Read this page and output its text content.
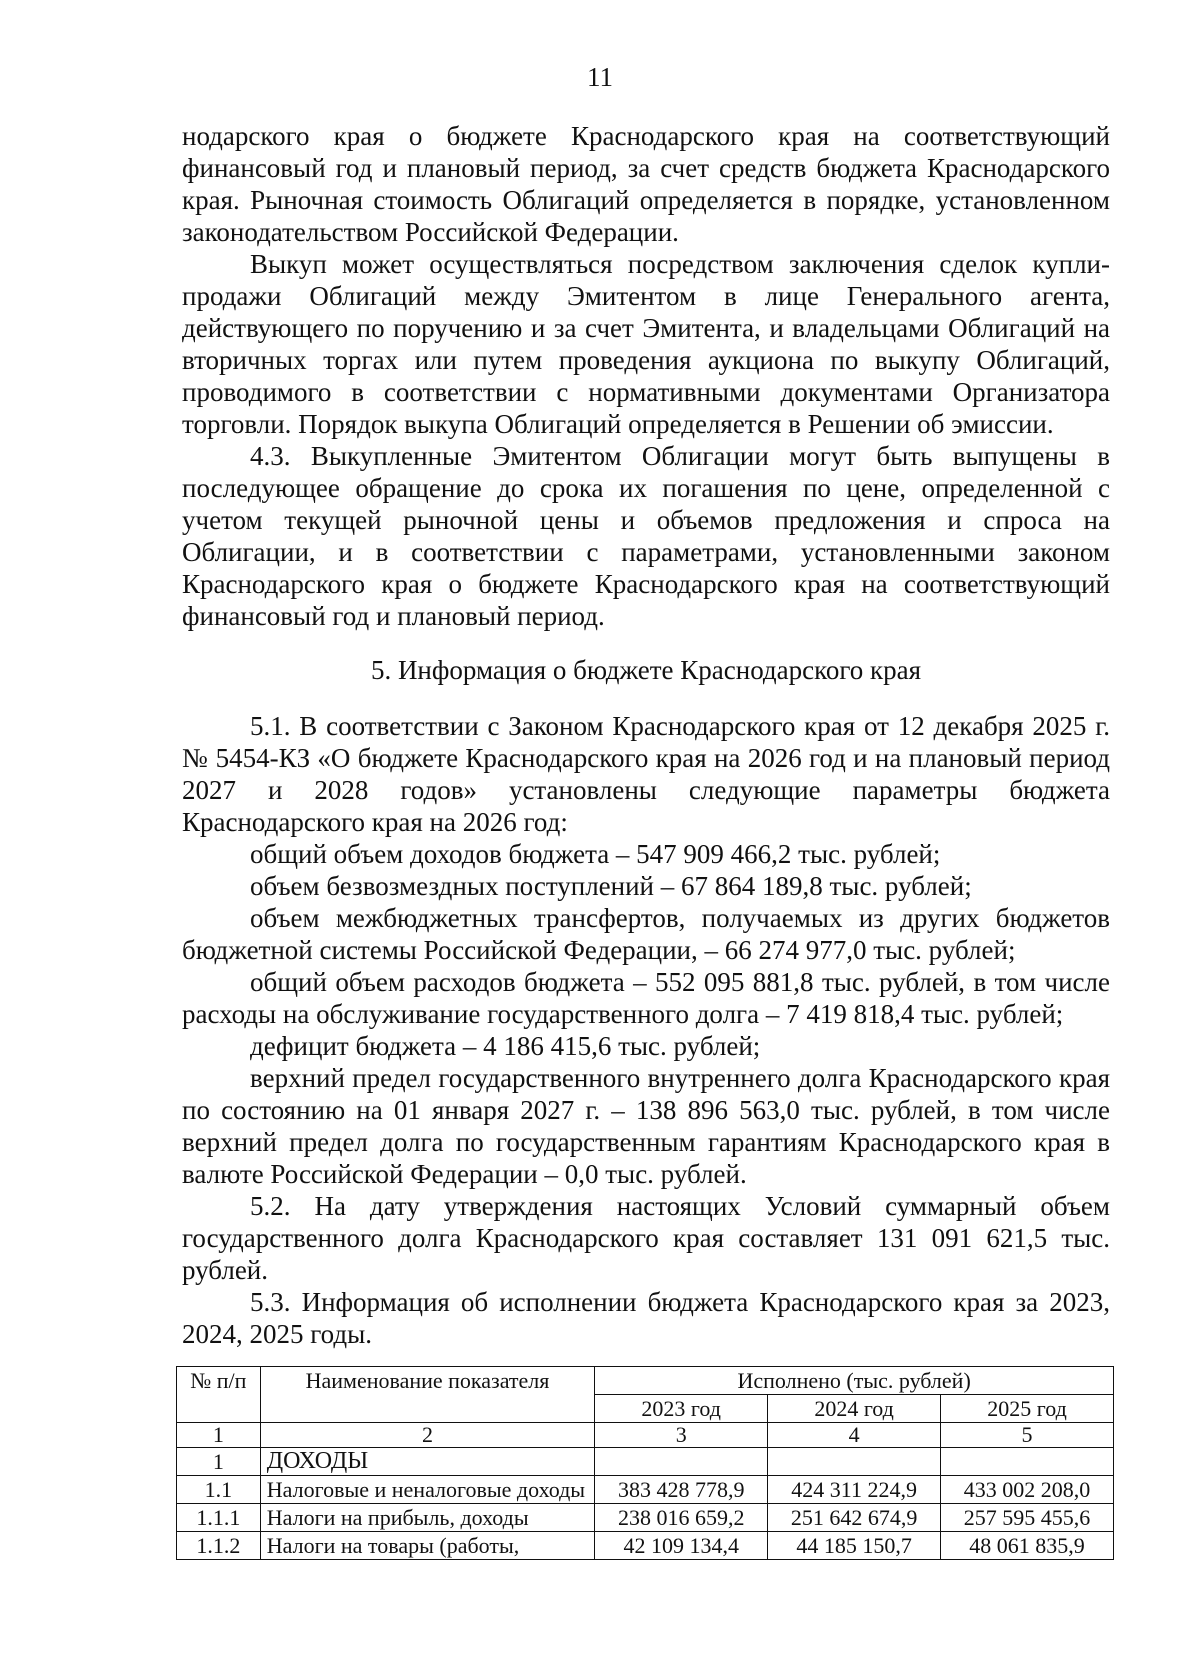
11

нодарского края о бюджете Краснодарского края на соответствующий финансовый год и плановый период, за счет средств бюджета Краснодарского края. Рыночная стоимость Облигаций определяется в порядке, установленном законодательством Российской Федерации.

Выкуп может осуществляться посредством заключения сделок купли-продажи Облигаций между Эмитентом в лице Генерального агента, действующего по поручению и за счет Эмитента, и владельцами Облигаций на вторичных торгах или путем проведения аукциона по выкупу Облигаций, проводимого в соответствии с нормативными документами Организатора торговли. Порядок выкупа Облигаций определяется в Решении об эмиссии.

4.3. Выкупленные Эмитентом Облигации могут быть выпущены в последующее обращение до срока их погашения по цене, определенной с учетом текущей рыночной цены и объемов предложения и спроса на Облигации, и в соответствии с параметрами, установленными законом Краснодарского края о бюджете Краснодарского края на соответствующий финансовый год и плановый период.

5. Информация о бюджете Краснодарского края

5.1. В соответствии с Законом Краснодарского края от 12 декабря 2025 г. № 5454-КЗ «О бюджете Краснодарского края на 2026 год и на плановый период 2027 и 2028 годов» установлены следующие параметры бюджета Краснодарского края на 2026 год:

общий объем доходов бюджета – 547 909 466,2 тыс. рублей;

объем безвозмездных поступлений – 67 864 189,8 тыс. рублей;

объем межбюджетных трансфертов, получаемых из других бюджетов бюджетной системы Российской Федерации, – 66 274 977,0 тыс. рублей;

общий объем расходов бюджета – 552 095 881,8 тыс. рублей, в том числе расходы на обслуживание государственного долга – 7 419 818,4 тыс. рублей;

дефицит бюджета – 4 186 415,6 тыс. рублей;

верхний предел государственного внутреннего долга Краснодарского края по состоянию на 01 января 2027 г. – 138 896 563,0 тыс. рублей, в том числе верхний предел долга по государственным гарантиям Краснодарского края в валюте Российской Федерации – 0,0 тыс. рублей.

5.2. На дату утверждения настоящих Условий суммарный объем государственного долга Краснодарского края составляет 131 091 621,5 тыс. рублей.

5.3. Информация об исполнении бюджета Краснодарского края за 2023, 2024, 2025 годы.

№ п/п	Наименование показателя	Исполнено (тыс. рублей)		
		2023 год	2024 год	2025 год
1	2	3	4	5
1	ДОХОДЫ			
1.1	Налоговые и неналоговые доходы	383 428 778,9	424 311 224,9	433 002 208,0
1.1.1	Налоги на прибыль, доходы	238 016 659,2	251 642 674,9	257 595 455,6
1.1.2	Налоги на товары (работы,	42 109 134,4	44 185 150,7	48 061 835,9
